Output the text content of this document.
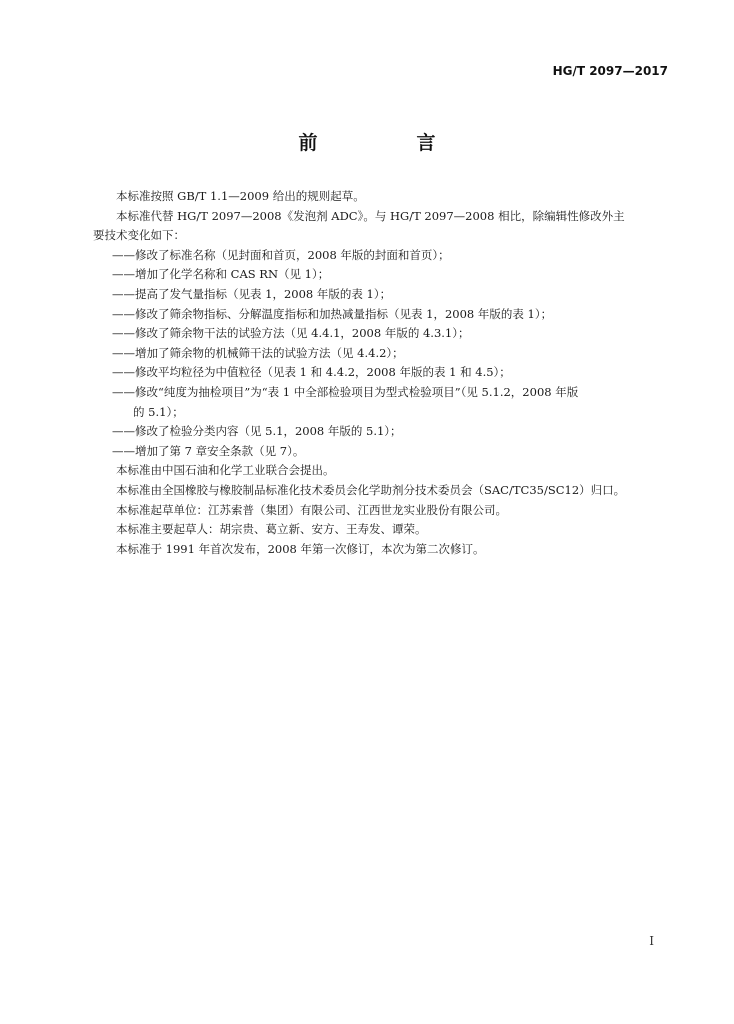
HG/T 2097—2017
前　言

本标准按照 GB/T 1.1—2009 给出的规则起草。

本标准代替 HG/T 2097—2008《发泡剂 ADC》。与 HG/T 2097—2008 相比，除编辑性修改外主

要技术变化如下：

——修改了标准名称（见封面和首页，2008 年版的封面和首页）；

——增加了化学名称和 CAS RN（见 1）；

——提高了发气量指标（见表 1，2008 年版的表 1）；

——修改了筛余物指标、分解温度指标和加热减量指标（见表 1，2008 年版的表 1）；

——修改了筛余物干法的试验方法（见 4.4.1，2008 年版的 4.3.1）；

——增加了筛余物的机械筛干法的试验方法（见 4.4.2）；

——修改平均粒径为中值粒径（见表 1 和 4.4.2，2008 年版的表 1 和 4.5）；

——修改“纯度为抽检项目”为“表 1 中全部检验项目为型式检验项目”（见 5.1.2，2008 年版

的 5.1）；

——修改了检验分类内容（见 5.1，2008 年版的 5.1）；

——增加了第 7 章安全条款（见 7）。

本标准由中国石油和化学工业联合会提出。

本标准由全国橡胶与橡胶制品标准化技术委员会化学助剂分技术委员会（SAC/TC35/SC12）归口。

本标准起草单位：江苏索普（集团）有限公司、江西世龙实业股份有限公司。

本标准主要起草人：胡宗贵、葛立新、安方、王寿发、谭荣。

本标准于 1991 年首次发布，2008 年第一次修订，本次为第二次修订。

I
